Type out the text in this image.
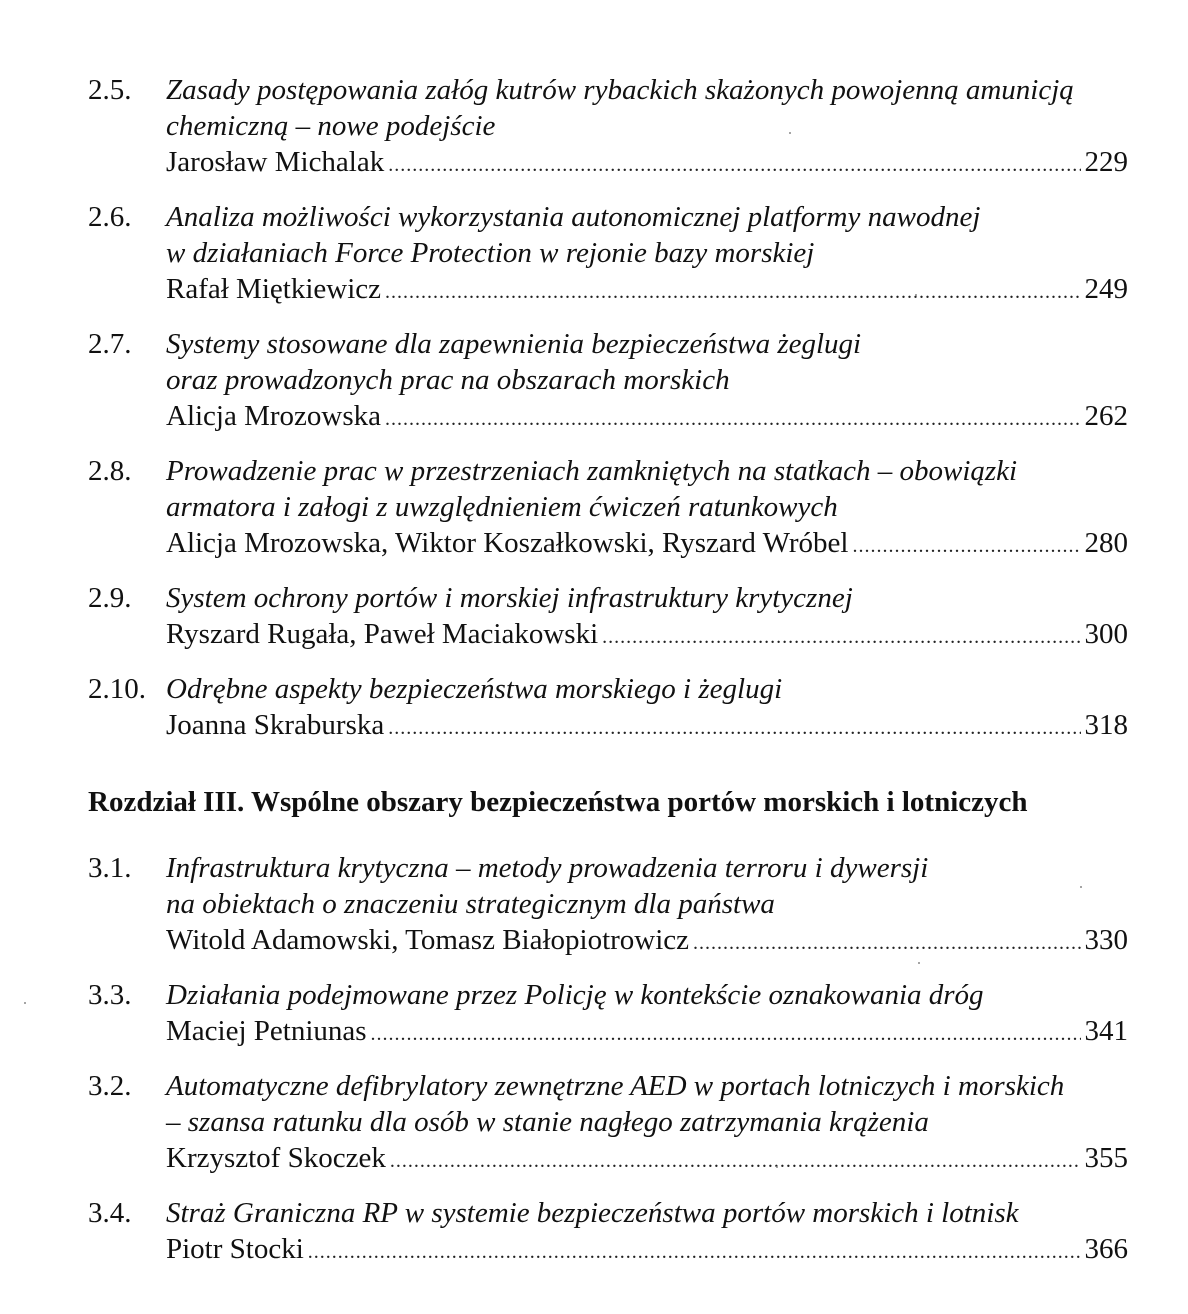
2.5.	Zasady postępowania załóg kutrów rybackich skażonych powojenną amunicją
chemiczną – nowe podejście
Jarosław Michalak .....	229
2.6.	Analiza możliwości wykorzystania autonomicznej platformy nawodnej
w działaniach Force Protection w rejonie bazy morskiej
Rafał Miętkiewicz .....	249
2.7.	Systemy stosowane dla zapewnienia bezpieczeństwa żeglugi
oraz prowadzonych prac na obszarach morskich
Alicja Mrozowska .....	262
2.8.	Prowadzenie prac w przestrzeniach zamkniętych na statkach – obowiązki
armatora i załogi z uwzględnieniem ćwiczeń ratunkowych
Alicja Mrozowska, Wiktor Koszałkowski, Ryszard Wróbel .....	280
2.9.	System ochrony portów i morskiej infrastruktury krytycznej
Ryszard Rugała, Paweł Maciakowski .....	300
2.10. Odrębne aspekty bezpieczeństwa morskiego i żeglugi
Joanna Skraburska .....	318
Rozdział III. Wspólne obszary bezpieczeństwa portów morskich i lotniczych
3.1.	Infrastruktura krytyczna – metody prowadzenia terroru i dywersji
na obiektach o znaczeniu strategicznym dla państwa
Witold Adamowski, Tomasz Białopiotrowicz .....	330
3.3.	Działania podejmowane przez Policję w kontekście oznakowania dróg
Maciej Petniunas .....	341
3.2.	Automatyczne defibrylatory zewnętrzne AED w portach lotniczych i morskich
– szansa ratunku dla osób w stanie nagłego zatrzymania krążenia
Krzysztof Skoczek .....	355
3.4.	Straż Graniczna RP w systemie bezpieczeństwa portów morskich i lotnisk
Piotr Stocki .....	366
